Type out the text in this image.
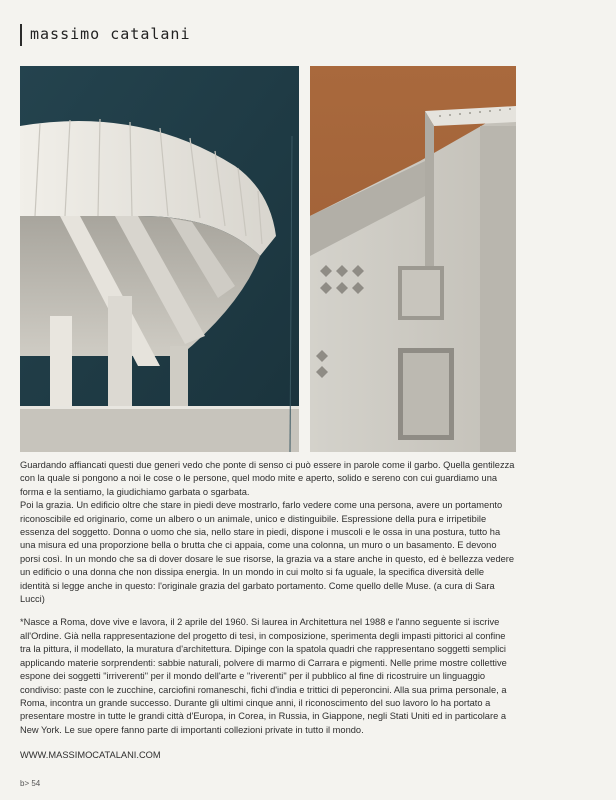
massimo catalani

Guardando affiancati questi due generi vedo che ponte di senso ci può essere in parole come il garbo. Quella gentilezza con la quale si pongono a noi le cose o le persone, quel modo mite e aperto, solido e sereno con cui guardiamo una forma e la sentiamo, la giudichiamo garbata o sgarbata.

Poi la grazia. Un edificio oltre che stare in piedi deve mostrarlo, farlo vedere come una persona, avere un portamento riconoscibile ed originario, come un albero o un animale, unico e distinguibile. Espressione della pura e irripetibile essenza del soggetto. Donna o uomo che sia, nello stare in piedi, dispone i muscoli e le ossa in una postura, tutto ha una misura ed una proporzione bella o brutta che ci appaia, come una colonna, un muro o un basamento. E devono porsi così. In un mondo che sa di dover dosare le sue risorse, la grazia va a stare anche in questo, ed è bellezza vedere un edificio o una donna che non dissipa energia. In un mondo in cui molto si fa uguale, la specifica diversità delle identità si legge anche in questo: l'originale grazia del garbato portamento. Come quello delle Muse. (a cura di Sara Lucci)

*Nasce a Roma, dove vive e lavora, il 2 aprile del 1960. Si laurea in Architettura nel 1988 e l'anno seguente si iscrive all'Ordine. Già nella rappresentazione del progetto di tesi, in composizione, sperimenta degli impasti pittorici al confine tra la pittura, il modellato, la muratura d'architettura. Dipinge con la spatola quadri che rappresentano soggetti semplici applicando materie sorprendenti: sabbie naturali, polvere di marmo di Carrara e pigmenti. Nelle prime mostre collettive espone dei soggetti "irriverenti" per il mondo dell'arte e "riverenti" per il pubblico al fine di ricostruire un linguaggio condiviso: paste con le zucchine, carciofini romaneschi, fichi d'india e trittici di peperoncini. Alla sua prima personale, a Roma, incontra un grande successo. Durante gli ultimi cinque anni, il riconoscimento del suo lavoro lo ha portato a presentare mostre in tutte le grandi città d'Europa, in Corea, in Russia, in Giappone, negli Stati Uniti ed in particolare a New York. Le sue opere fanno parte di importanti collezioni private in tutto il mondo.

WWW.MASSIMOCATALANI.COM

b> 54
